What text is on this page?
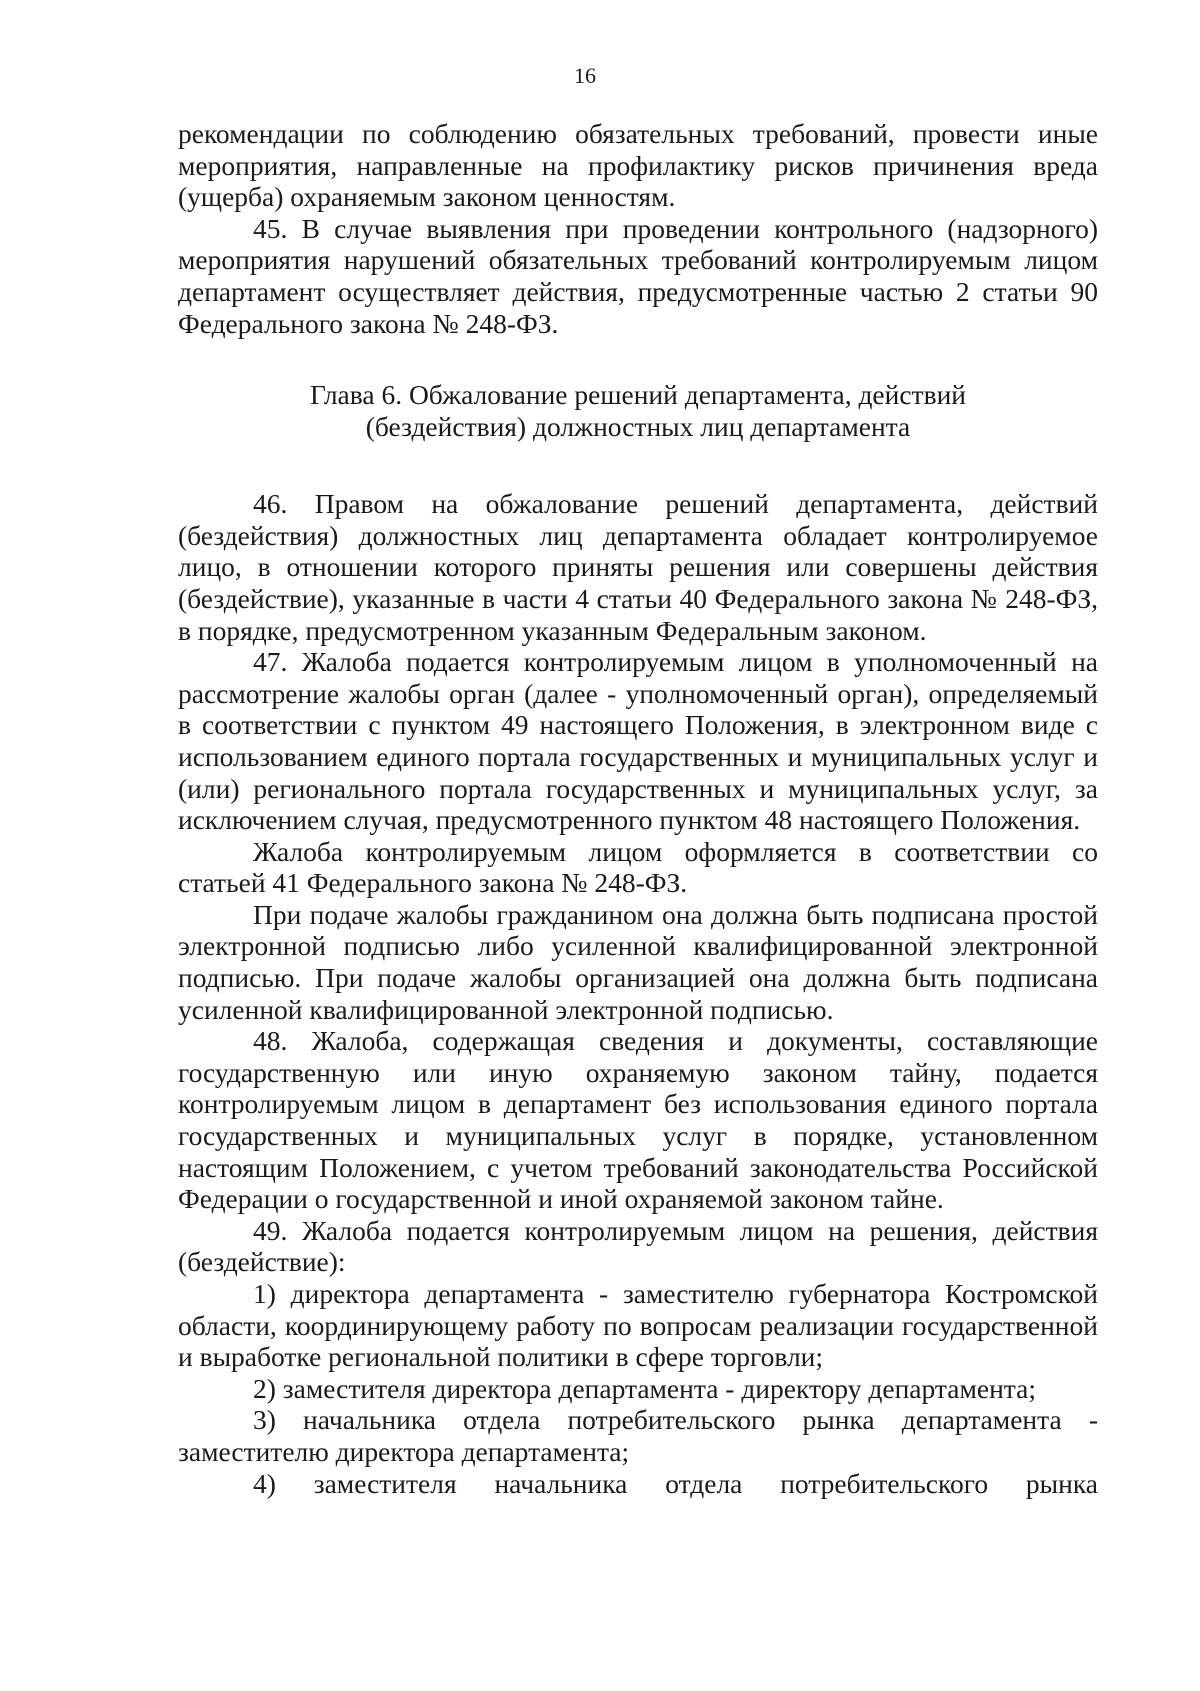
16

рекомендации по соблюдению обязательных требований, провести иные мероприятия, направленные на профилактику рисков причинения вреда (ущерба) охраняемым законом ценностям.

45. В случае выявления при проведении контрольного (надзорного) мероприятия нарушений обязательных требований контролируемым лицом департамент осуществляет действия, предусмотренные частью 2 статьи 90 Федерального закона № 248-ФЗ.

Глава 6. Обжалование решений департамента, действий
(бездействия) должностных лиц департамента

46. Правом на обжалование решений департамента, действий (бездействия) должностных лиц департамента обладает контролируемое лицо, в отношении которого приняты решения или совершены действия (бездействие), указанные в части 4 статьи 40 Федерального закона № 248-ФЗ, в порядке, предусмотренном указанным Федеральным законом.

47. Жалоба подается контролируемым лицом в уполномоченный на рассмотрение жалобы орган (далее - уполномоченный орган), определяемый в соответствии с пунктом 49 настоящего Положения, в электронном виде с использованием единого портала государственных и муниципальных услуг и (или) регионального портала государственных и муниципальных услуг, за исключением случая, предусмотренного пунктом 48 настоящего Положения.

Жалоба контролируемым лицом оформляется в соответствии со статьей 41 Федерального закона № 248-ФЗ.

При подаче жалобы гражданином она должна быть подписана простой электронной подписью либо усиленной квалифицированной электронной подписью. При подаче жалобы организацией она должна быть подписана усиленной квалифицированной электронной подписью.

48. Жалоба, содержащая сведения и документы, составляющие государственную или иную охраняемую законом тайну, подается контролируемым лицом в департамент без использования единого портала государственных и муниципальных услуг в порядке, установленном настоящим Положением, с учетом требований законодательства Российской Федерации о государственной и иной охраняемой законом тайне.

49. Жалоба подается контролируемым лицом на решения, действия (бездействие):

1) директора департамента - заместителю губернатора Костромской области, координирующему работу по вопросам реализации государственной и выработке региональной политики в сфере торговли;

2) заместителя директора департамента - директору департамента;

3) начальника отдела потребительского рынка департамента - заместителю директора департамента;

4) заместителя начальника отдела потребительского рынка
